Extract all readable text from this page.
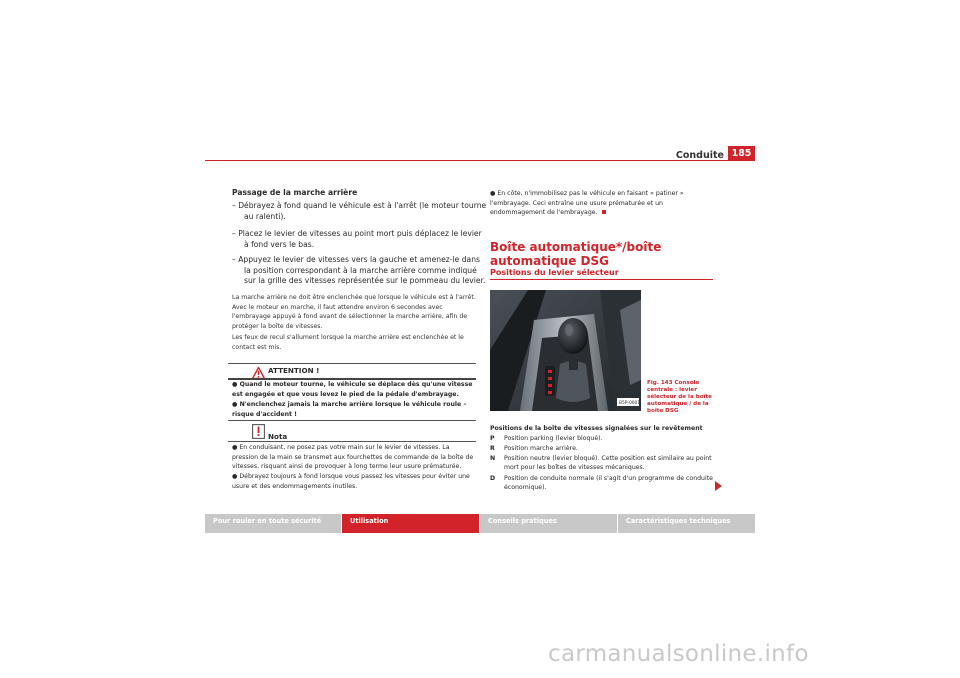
Conduite 185
Passage de la marche arrière
– Débrayez à fond quand le véhicule est à l'arrêt (le moteur tourne au ralenti).
– Placez le levier de vitesses au point mort puis déplacez le levier à fond vers le bas.
– Appuyez le levier de vitesses vers la gauche et amenez-le dans la position correspondant à la marche arrière comme indiqué sur la grille des vitesses représentée sur le pommeau du levier.
La marche arrière ne doit être enclenchée que lorsque le véhicule est à l'arrêt. Avec le moteur en marche, il faut attendre environ 6 secondes avec l'embrayage appuyé à fond avant de sélectionner la marche arrière, afin de protéger la boîte de vitesses.
Les feux de recul s'allument lorsque la marche arrière est enclenchée et le contact est mis.
ATTENTION !
● Quand le moteur tourne, le véhicule se déplace dès qu'une vitesse est engagée et que vous levez le pied de la pédale d'embrayage.
● N'enclenchez jamais la marche arrière lorsque le véhicule roule – risque d'accident !
Nota
● En conduisant, ne posez pas votre main sur le levier de vitesses. La pression de la main se transmet aux fourchettes de commande de la boîte de vitesses, risquant ainsi de provoquer à long terme leur usure prématurée.
● Débrayez toujours à fond lorsque vous passez les vitesses pour éviter une usure et des endommagements inutiles.
● En côte, n'immobilisez pas le véhicule en faisant « patiner » l'embrayage. Ceci entraîne une usure prématurée et un endommagement de l'embrayage.
Boîte automatique*/boîte automatique DSG
Positions du levier sélecteur
B5P-0001
Fig. 143 Console centrale : levier sélecteur de la boîte automatique / de la boîte DSG
Positions de la boîte de vitesses signalées sur le revêtement
P Position parking (levier bloqué).
R Position marche arrière.
N Position neutre (levier bloqué). Cette position est similaire au point mort pour les boîtes de vitesses mécaniques.
D Position de conduite normale (il s'agit d'un programme de conduite économique).
Pour rouler en toute sécurité	Utilisation	Conseils pratiques	Caractéristiques techniques
carmanualsonline.info
